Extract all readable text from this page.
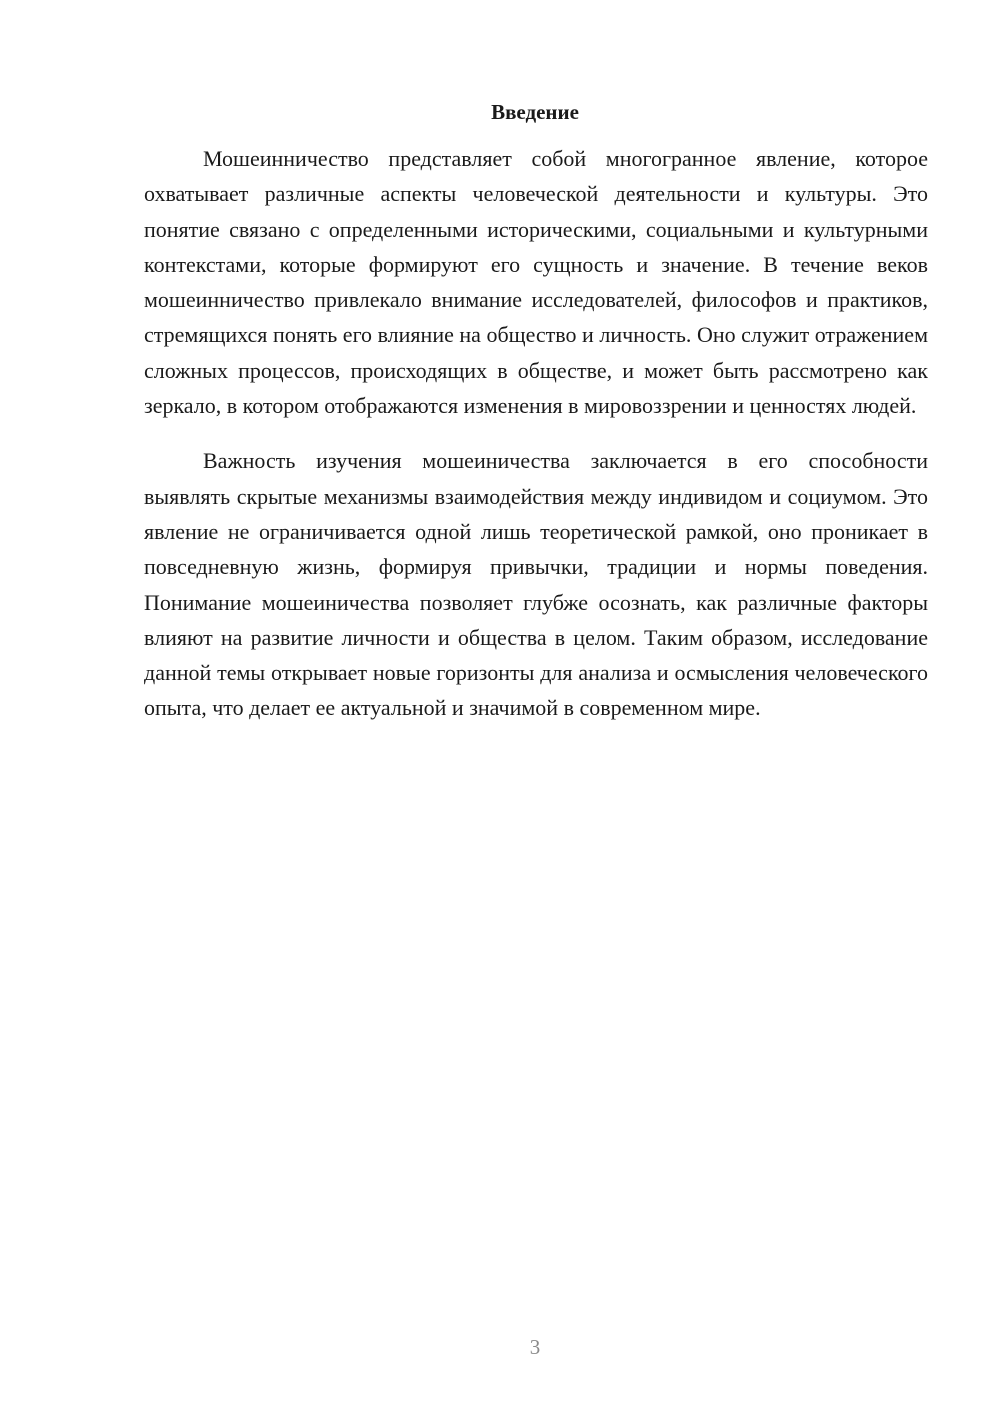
Введение

Мошеинничество представляет собой многогранное явление, которое охватывает различные аспекты человеческой деятельности и культуры. Это понятие связано с определенными историческими, социальными и культурными контекстами, которые формируют его сущность и значение. В течение веков мошеинничество привлекало внимание исследователей, философов и практиков, стремящихся понять его влияние на общество и личность. Оно служит отражением сложных процессов, происходящих в обществе, и может быть рассмотрено как зеркало, в котором отображаются изменения в мировоззрении и ценностях людей.

Важность изучения мошеиничества заключается в его способности выявлять скрытые механизмы взаимодействия между индивидом и социумом. Это явление не ограничивается одной лишь теоретической рамкой, оно проникает в повседневную жизнь, формируя привычки, традиции и нормы поведения. Понимание мошеиничества позволяет глубже осознать, как различные факторы влияют на развитие личности и общества в целом. Таким образом, исследование данной темы открывает новые горизонты для анализа и осмысления человеческого опыта, что делает ее актуальной и значимой в современном мире.

3
